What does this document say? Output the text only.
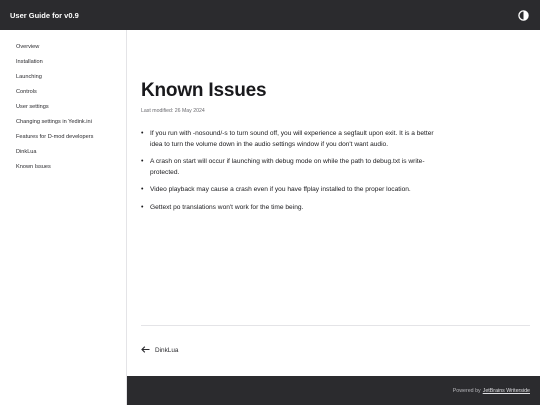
User Guide for v0.9
Overview
Installation
Launching
Controls
User settings
Changing settings in Yedink.ini
Features for D-mod developers
DinkLua
Known Issues
Known Issues
Last modified: 26 May 2024
• If you run with -nosound/-s to turn sound off, you will experience a segfault upon exit. It is a better idea to turn the volume down in the audio settings window if you don't want audio.
• A crash on start will occur if launching with debug mode on while the path to debug.txt is write-protected.
• Video playback may cause a crash even if you have ffplay installed to the proper location.
• Gettext po translations won't work for the time being.
DinkLua
Powered by JetBrains Writerside
